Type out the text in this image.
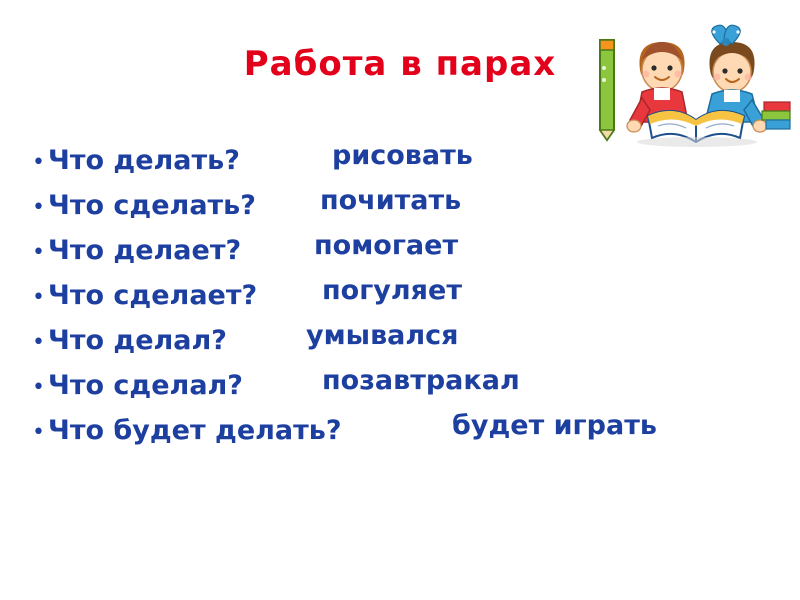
Работа в парах
• Что делать?	рисовать
• Что сделать? почитать
• Что делает?	помогает
• Что сделает? погуляет
• Что делал?	умывался
• Что сделал?	позавтракал
• Что будет делать?	будет играть
